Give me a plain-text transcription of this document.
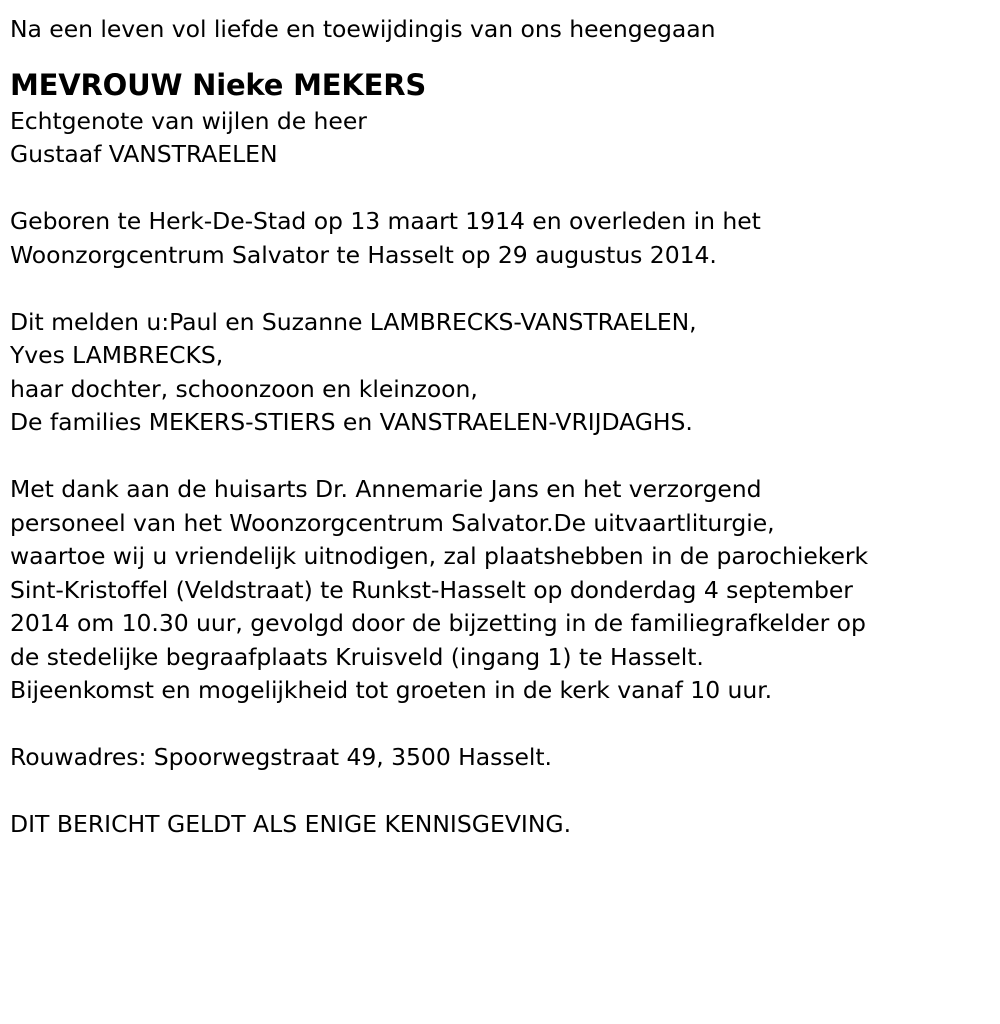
Na een leven vol liefde en toewijdingis van ons heengegaan
MEVROUW Nieke MEKERS
Echtgenote van wijlen de heer
Gustaaf VANSTRAELEN
Geboren te Herk-De-Stad op 13 maart 1914 en overleden in het
Woonzorgcentrum Salvator te Hasselt op 29 augustus 2014.
Dit melden u:Paul en Suzanne LAMBRECKS-VANSTRAELEN,
Yves LAMBRECKS,
haar dochter, schoonzoon en kleinzoon,
De families MEKERS-STIERS en VANSTRAELEN-VRIJDAGHS.
Met dank aan de huisarts Dr. Annemarie Jans en het verzorgend
personeel van het Woonzorgcentrum Salvator.De uitvaartliturgie,
waartoe wij u vriendelijk uitnodigen, zal plaatshebben in de parochiekerk
Sint-Kristoffel (Veldstraat) te Runkst-Hasselt op donderdag 4 september
2014 om 10.30 uur, gevolgd door de bijzetting in de familiegrafkelder op
de stedelijke begraafplaats Kruisveld (ingang 1) te Hasselt.
Bijeenkomst en mogelijkheid tot groeten in de kerk vanaf 10 uur.
Rouwadres: Spoorwegstraat 49, 3500 Hasselt.
DIT BERICHT GELDT ALS ENIGE KENNISGEVING.
